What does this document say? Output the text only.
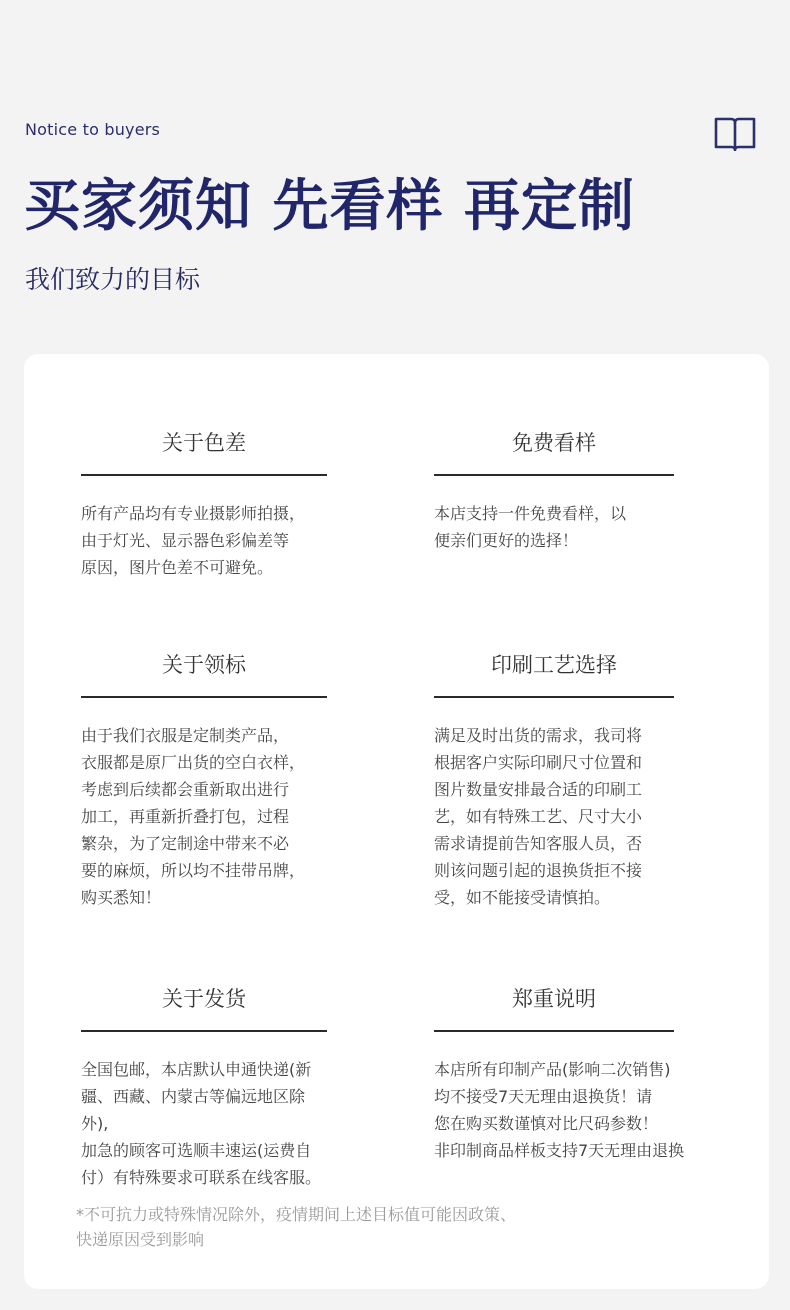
Notice to buyers
买家须知 先看样 再定制
我们致力的目标
关于色差
所有产品均有专业摄影师拍摄，
由于灯光、显示器色彩偏差等
原因，图片色差不可避免。
免费看样
本店支持一件免费看样，以
便亲们更好的选择！
关于领标
由于我们衣服是定制类产品，
衣服都是原厂出货的空白衣样，
考虑到后续都会重新取出进行
加工，再重新折叠打包，过程
繁杂，为了定制途中带来不必
要的麻烦，所以均不挂带吊牌，
购买悉知！
印刷工艺选择
满足及时出货的需求，我司将
根据客户实际印刷尺寸位置和
图片数量安排最合适的印刷工
艺，如有特殊工艺、尺寸大小
需求请提前告知客服人员，否
则该问题引起的退换货拒不接
受，如不能接受请慎拍。
关于发货
全国包邮，本店默认申通快递(新
疆、西藏、内蒙古等偏远地区除外),
加急的顾客可选顺丰速运(运费自
付）有特殊要求可联系在线客服。
郑重说明
本店所有印制产品(影响二次销售)
均不接受7天无理由退换货！请
您在购买数谨慎对比尺码参数！
非印制商品样板支持7天无理由退换
*不可抗力或特殊情况除外，疫情期间上述目标值可能因政策、
快递原因受到影响
